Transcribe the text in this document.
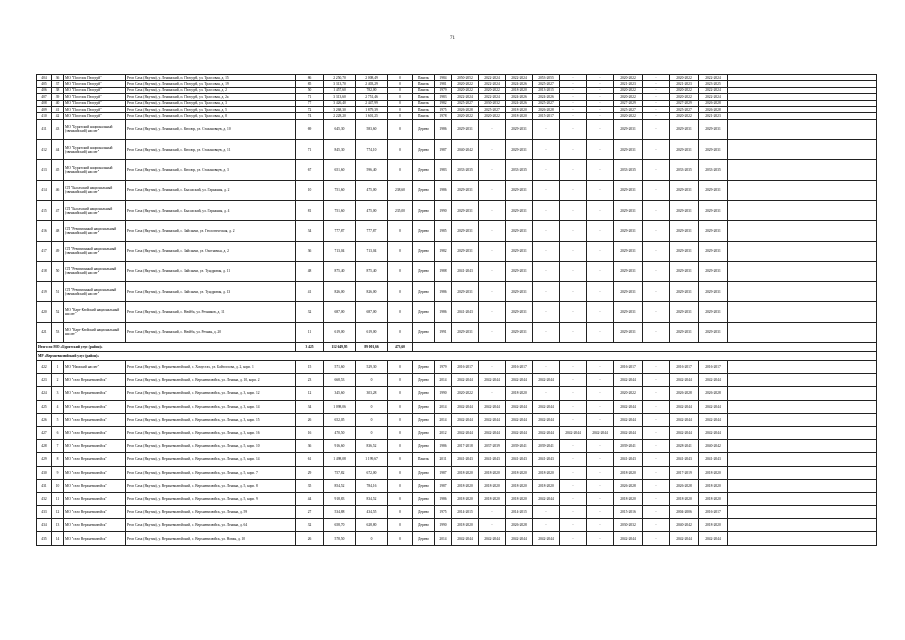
71
404	36	МО "Поселок Пеледуй"	Респ Саха (Якутия), у. Ленинский, п. Пеледуй, ул. Трассовая, д. 15	86	2 250,70	2 008,49	0	Панель	1984	2050-2052	2022-2024	2022-2024	2053-2055	-	-	2020-2022	-	2020-2022	2022-2024	
405	37	МО "Поселок Пеледуй"	Респ Саха (Якутия), у. Ленинский, п. Пеледуй, ул. Трассовая, д. 19	85	3 313,70	2 403,29	0	Панель	1981	2020-2022	2022-2024	2024-2026	2025-2027	-	-	2021-2023	-	2021-2023	2023-2025	
406	38	МО "Поселок Пеледуй"	Респ Саха (Якутия), у. Ленинский, п. Пеледуй, ул. Трассовая, д. 2	50	1 457,60	782,00	0	Панель	1979	2020-2022	2020-2022	2018-2020	2013-2015	-	-	2020-2022	-	2020-2022	2022-2024	
407	39	МО "Поселок Пеледуй"	Респ Саха (Якутия), у. Ленинский, п. Пеледуй, ул. Трассовая, д. 2а	71	3 313,60	2 751,46	0	Панель	1983	2022-2024	2022-2024	2024-2026	2024-2026	-	-	2020-2022	-	2020-2022	2022-2024	
408	40	МО "Поселок Пеледуй"	Респ Саха (Якутия), у. Ленинский, п. Пеледуй, ул. Трассовая, д. 3	77	3 426,40	2 447,99	0	Панель	1982	2025-2027	2030-2032	2024-2026	2025-2027	-	-	2027-2029	-	2027-2029	2026-2028	
409	41	МО "Поселок Пеледуй"	Респ Саха (Якутия), у. Ленинский, п. Пеледуй, ул. Трассовая, д. 5	72	3 268,30	1 879,39	0	Панель	1975	2026-2028	2025-2027	2018-2020	2026-2028	-	-	2025-2027	-	2025-2027	2026-2028	
410	42	МО "Поселок Пеледуй"	Респ Саха (Якутия), у. Ленинский, п. Пеледуй, ул. Трассовая, д. 8	74	2 228,20	1 601,25	0	Панель	1978	2020-2022	2020-2022	2018-2020	2015-2017	-	-	2020-2022	-	2020-2022	2021-2023	
411	43	МО "Бурятский национальный (эвенкийский) наслег"	Респ Саха (Якутия), у. Ленинский, с. Кюсюр, ул. Стахановцев, д. 10	69	645,30	583,60	0	Дерево	1986	2029-2031	-	2029-2031	-	-	-	2029-2031	-	2029-2031	2029-2031	
412	44	МО "Бурятский национальный (эвенкийский) наслег"	Респ Саха (Якутия), у. Ленинский, с. Кюсюр, ул. Стахановцев, д. 11	71	845,30	774,10	0	Дерево	1987	2040-2042	-	2029-2031	-	-	-	2029-2031	-	2029-2031	2029-2031	
413	45	МО "Бурятский национальный (эвенкийский) наслег"	Респ Саха (Якутия), у. Ленинский, с. Кюсюр, ул. Стахановцев, д. 3	67	651,60	596,40	0	Дерево	1983	2033-2035	-	2033-2035	-	-	-	2033-2035	-	2033-2035	2033-2035	
414	46	СП "Бысахский национальный (эвенкийский) наслег"	Респ Саха (Якутия), у. Ленинский, с. Бысахский, ул. Гаражная, д. 2	10	751,60	475,00	238,60	Дерево	1986	2029-2031	-	2029-2031	-	-	-	2029-2031	-	2029-2031	2029-2031	
415	47	СП "Бысахский национальный (эвенкийский) наслег"	Респ Саха (Якутия), у. Ленинский, с. Бысахский, ул. Гаражная, д. 4	81	751,60	475,00	235,00	Дерево	1990	2029-2031	-	2029-2031	-	-	-	2029-2031	-	2029-2031	2029-2031	
416	48	СП "Ревизионный национальный (эвенкийский) наслег"	Респ Саха (Якутия), у. Ленинский, с. Зайсанчи, ул. Геологическая, д. 2	34	777,87	777,87	0	Дерево	1985	2029-2031	-	2029-2031	-	-	-	2029-2031	-	2029-2031	2029-2031	
417	49	СП "Ревизионный национальный (эвенкийский) наслег"	Респ Саха (Якутия), у. Ленинский, с. Зайсанчи, ул. Охотничья, д. 2	36	713,04	713,04	0	Дерево	1982	2029-2031	-	2029-2031	-	-	-	2029-2031	-	2029-2031	2029-2031	
418	50	СП "Ревизионный национальный (эвенкийский) наслег"	Респ Саха (Якутия), у. Ленинский, с. Зайсанчи, ул. Тундровая, д. 11	48	875,40	875,40	0	Дерево	1988	2041-2043	-	2029-2031	-	-	-	2029-2031	-	2029-2031	2029-2031	
419	51	СП "Ревизионный национальный (эвенкийский) наслег"	Респ Саха (Якутия), у. Ленинский, с. Зайсанчи, ул. Тундровая, д. 13	41	826,00	826,00	0	Дерево	1986	2029-2031	-	2029-2031	-	-	-	2029-2031	-	2029-2031	2029-2031	
420	52	МО "Карт-Кюйский национальный наслег"	Респ Саха (Якутия), у. Ленинский, с. Нюйба, ул. Речников, д. 11	32	687,00	687,00	0	Дерево	1986	2041-2043	-	2029-2031	-	-	-	2029-2031	-	2029-2031	2029-2031	
421	53	МО "Карт-Кюйский национальный наслег"	Респ Саха (Якутия), у. Ленинский, с. Нюйба, ул. Речная, д. 20	11	619,00	619,00	0	Дерево	1991	2029-2031	-	2029-2031	-	-	-	2029-2031	-	2029-2031	2029-2031	
Итого по МО «Бурятский улус (район)»				3 425	112 649,95	89 001,66	473,60													
МР «Верхневилюйский улус (район)»																				
422	1	МО "Намский наслег"	Респ Саха (Якутия), у. Верхневилюйский, с. Хомустах, ул. Байтоглова, д. 2, корп. 1	15	571,60	529,30	0	Дерево	1979	2016-2017	-	2016-2017	-	-	-	2016-2017	-	2016-2017	2016-2017	
423	2	МО "село Верхневилюйск"	Респ Саха (Якутия), у. Верхневилюйский, с. Верхневилюйск, ул. Ленина, д. 10, корп. 2	23	668,53	0	0	Дерево	2014	2042-2044	2042-2044	2042-2044	2042-2044	-	-	2042-2044	-	2042-2044	2042-2044	
424	3	МО "село Верхневилюйск"	Респ Саха (Якутия), у. Верхневилюйский, с. Верхневилюйск, ул. Ленина, д. 3, корп. 12	12	345,60	303,28	0	Дерево	1990	2020-2022	-	2018-2020	-	-	-	2020-2022	-	2026-2028	2026-2028	
425	4	МО "село Верхневилюйск"	Респ Саха (Якутия), у. Верхневилюйский, с. Верхневилюйск, ул. Ленина, д. 3, корп. 14	34	1 098,06	0	0	Дерево	2014	2042-2044	2042-2044	2042-2044	2042-2044	-	-	2042-2044	-	2042-2044	2042-2044	
426	5	МО "село Верхневилюйск"	Респ Саха (Якутия), у. Верхневилюйский, с. Верхневилюйск, ул. Ленина, д. 3, корп. 15	26	652,05	0	0	Дерево	2014	2042-2044	2042-2044	2042-2044	2042-2044	-	-	2042-2044	-	2042-2044	2042-2044	
427	6	МО "село Верхневилюйск"	Респ Саха (Якутия), у. Верхневилюйский, с. Верхневилюйск, ул. Ленина, д. 3, корп. 16	16	470,50	0	0	Дерево	2012	2042-2044	2042-2044	2042-2044	2042-2044	2042-2044	2042-2044	2042-2044	-	2042-2044	2042-2044	
428	7	МО "село Верхневилюйск"	Респ Саха (Якутия), у. Верхневилюйский, с. Верхневилюйск, ул. Ленина, д. 5, корп. 10	36	916,60	836,52	0	Дерево	1986	2017-2018	2037-2039	2039-2041	2039-2041	-	-	2039-2041	-	2028-2041	2040-2042	
429	8	МО "село Верхневилюйск"	Респ Саха (Якутия), у. Верхневилюйский, с. Верхневилюйск, ул. Ленина, д. 5, корп. 14	61	1 498,08	1 199,67	0	Панель	2011	2041-2043	2041-2043	2041-2043	2041-2043	-	-	2041-2043	-	2041-2043	2041-2043	
430	9	МО "село Верхневилюйск"	Респ Саха (Якутия), у. Верхневилюйский, с. Верхневилюйск, ул. Ленина, д. 5, корп. 7	29	757,82	672,00	0	Дерево	1987	2018-2020	2018-2020	2018-2020	2018-2020	-	-	2018-2020	-	2017-2019	2018-2020	
431	10	МО "село Верхневилюйск"	Респ Саха (Якутия), у. Верхневилюйский, с. Верхневилюйск, ул. Ленина, д. 5, корп. 8	35	854,52	784,16	0	Дерево	1987	2018-2020	2018-2020	2018-2020	2018-2020	-	-	2026-2028	-	2026-2028	2018-2020	
432	11	МО "село Верхневилюйск"	Респ Саха (Якутия), у. Верхневилюйский, с. Верхневилюйск, ул. Ленина, д. 5, корп. 9	44	918,83	834,52	0	Дерево	1986	2018-2020	2018-2020	2018-2020	2042-2044	-	-	2018-2020	-	2018-2020	2018-2020	
433	12	МО "село Верхневилюйск"	Респ Саха (Якутия), у. Верхневилюйский, с. Верхневилюйск, ул. Ленина, д. 59	27	534,88	434,55	0	Дерево	1975	2014-2015	-	2014-2015	-	-	-	2015-2016	-	2004-2006	2016-2017	
434	13	МО "село Верхневилюйск"	Респ Саха (Якутия), у. Верхневилюйский, с. Верхневилюйск, ул. Ленина, д. 64	32	658,70	628,80	0	Дерево	1990	2018-2020	-	2026-2028	-	-	-	2030-2032	-	2040-2042	2018-2020	
435	14	МО "село Верхневилюйск"	Респ Саха (Якутия), у. Верхневилюйский, с. Верхневилюйск, ул. Новая, д. 10	26	578,50	0	0	Дерево	2014	2042-2044	2042-2044	2042-2044	2042-2044	-	-	2042-2044	-	2042-2044	2042-2044	
